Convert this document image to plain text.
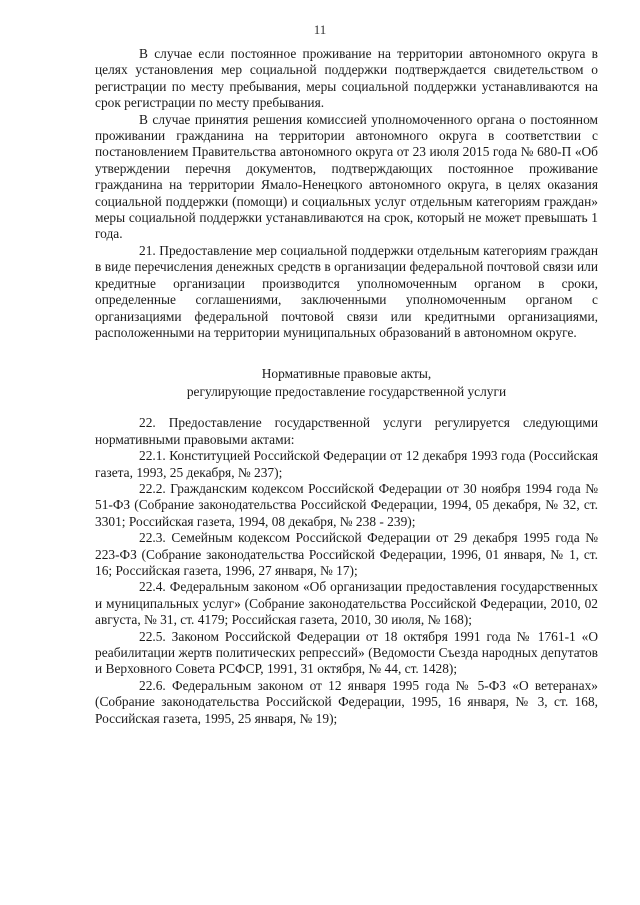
11

В случае если постоянное проживание на территории автономного округа в целях установления мер социальной поддержки подтверждается свидетельством о регистрации по месту пребывания, меры социальной поддержки устанавливаются на срок регистрации по месту пребывания.

В случае принятия решения комиссией уполномоченного органа о постоянном проживании гражданина на территории автономного округа в соответствии с постановлением Правительства автономного округа от 23 июля 2015 года № 680-П «Об утверждении перечня документов, подтверждающих постоянное проживание гражданина на территории Ямало-Ненецкого автономного округа, в целях оказания социальной поддержки (помощи) и социальных услуг отдельным категориям граждан» меры социальной поддержки устанавливаются на срок, который не может превышать 1 года.

21. Предоставление мер социальной поддержки отдельным категориям граждан в виде перечисления денежных средств в организации федеральной почтовой связи или кредитные организации производится уполномоченным органом в сроки, определенные соглашениями, заключенными уполномоченным органом с организациями федеральной почтовой связи или кредитными организациями, расположенными на территории муниципальных образований в автономном округе.

Нормативные правовые акты,
регулирующие предоставление государственной услуги

22. Предоставление государственной услуги регулируется следующими нормативными правовыми актами:

22.1. Конституцией Российской Федерации от 12 декабря 1993 года (Российская газета, 1993, 25 декабря, № 237);

22.2. Гражданским кодексом Российской Федерации от 30 ноября 1994 года № 51-ФЗ (Собрание законодательства Российской Федерации, 1994, 05 декабря, № 32, ст. 3301; Российская газета, 1994, 08 декабря, № 238 - 239);

22.3. Семейным кодексом Российской Федерации от 29 декабря 1995 года № 223-ФЗ (Собрание законодательства Российской Федерации, 1996, 01 января, № 1, ст. 16; Российская газета, 1996, 27 января, № 17);

22.4. Федеральным законом «Об организации предоставления государственных и муниципальных услуг» (Собрание законодательства Российской Федерации, 2010, 02 августа, № 31, ст. 4179; Российская газета, 2010, 30 июля, № 168);

22.5. Законом Российской Федерации от 18 октября 1991 года № 1761-1 «О реабилитации жертв политических репрессий» (Ведомости Съезда народных депутатов и Верховного Совета РСФСР, 1991, 31 октября, № 44, ст. 1428);

22.6. Федеральным законом от 12 января 1995 года № 5-ФЗ «О ветеранах» (Собрание законодательства Российской Федерации, 1995, 16 января, № 3, ст. 168, Российская газета, 1995, 25 января, № 19);
